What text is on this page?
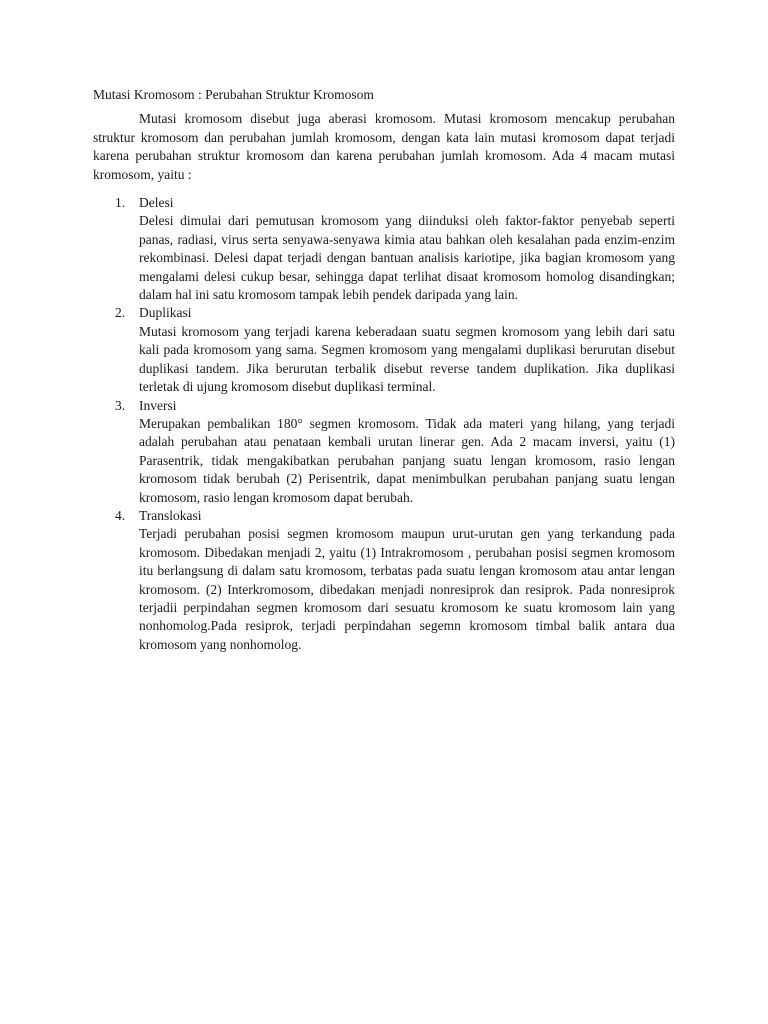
Mutasi Kromosom : Perubahan Struktur Kromosom

Mutasi kromosom disebut juga aberasi kromosom. Mutasi kromosom mencakup perubahan struktur kromosom dan perubahan jumlah kromosom, dengan kata lain mutasi kromosom dapat terjadi karena perubahan struktur kromosom dan karena perubahan jumlah kromosom. Ada 4 macam mutasi kromosom, yaitu :

1. Delesi
Delesi dimulai dari pemutusan kromosom yang diinduksi oleh faktor-faktor penyebab seperti panas, radiasi, virus serta senyawa-senyawa kimia atau bahkan oleh kesalahan pada enzim-enzim rekombinasi. Delesi dapat terjadi dengan bantuan analisis kariotipe, jika bagian kromosom yang mengalami delesi cukup besar, sehingga dapat terlihat disaat kromosom homolog disandingkan; dalam hal ini satu kromosom tampak lebih pendek daripada yang lain.
2. Duplikasi
Mutasi kromosom yang terjadi karena keberadaan suatu segmen kromosom yang lebih dari satu kali pada kromosom yang sama. Segmen kromosom yang mengalami duplikasi berurutan disebut duplikasi tandem. Jika berurutan terbalik disebut reverse tandem duplikation. Jika duplikasi terletak di ujung kromosom disebut duplikasi terminal.
3. Inversi
Merupakan pembalikan 180° segmen kromosom. Tidak ada materi yang hilang, yang terjadi adalah perubahan atau penataan kembali urutan linerar gen. Ada 2 macam inversi, yaitu (1) Parasentrik, tidak mengakibatkan perubahan panjang suatu lengan kromosom, rasio lengan kromosom tidak berubah (2) Perisentrik, dapat menimbulkan perubahan panjang suatu lengan kromosom, rasio lengan kromosom dapat berubah.
4. Translokasi
Terjadi perubahan posisi segmen kromosom maupun urut-urutan gen yang terkandung pada kromosom. Dibedakan menjadi 2, yaitu (1) Intrakromosom , perubahan posisi segmen kromosom itu berlangsung di dalam satu kromosom, terbatas pada suatu lengan kromosom atau antar lengan kromosom. (2) Interkromosom, dibedakan menjadi nonresiprok dan resiprok. Pada nonresiprok terjadii perpindahan segmen kromosom dari sesuatu kromosom ke suatu kromosom lain yang nonhomolog.Pada resiprok, terjadi perpindahan segemn kromosom timbal balik antara dua kromosom yang nonhomolog.
